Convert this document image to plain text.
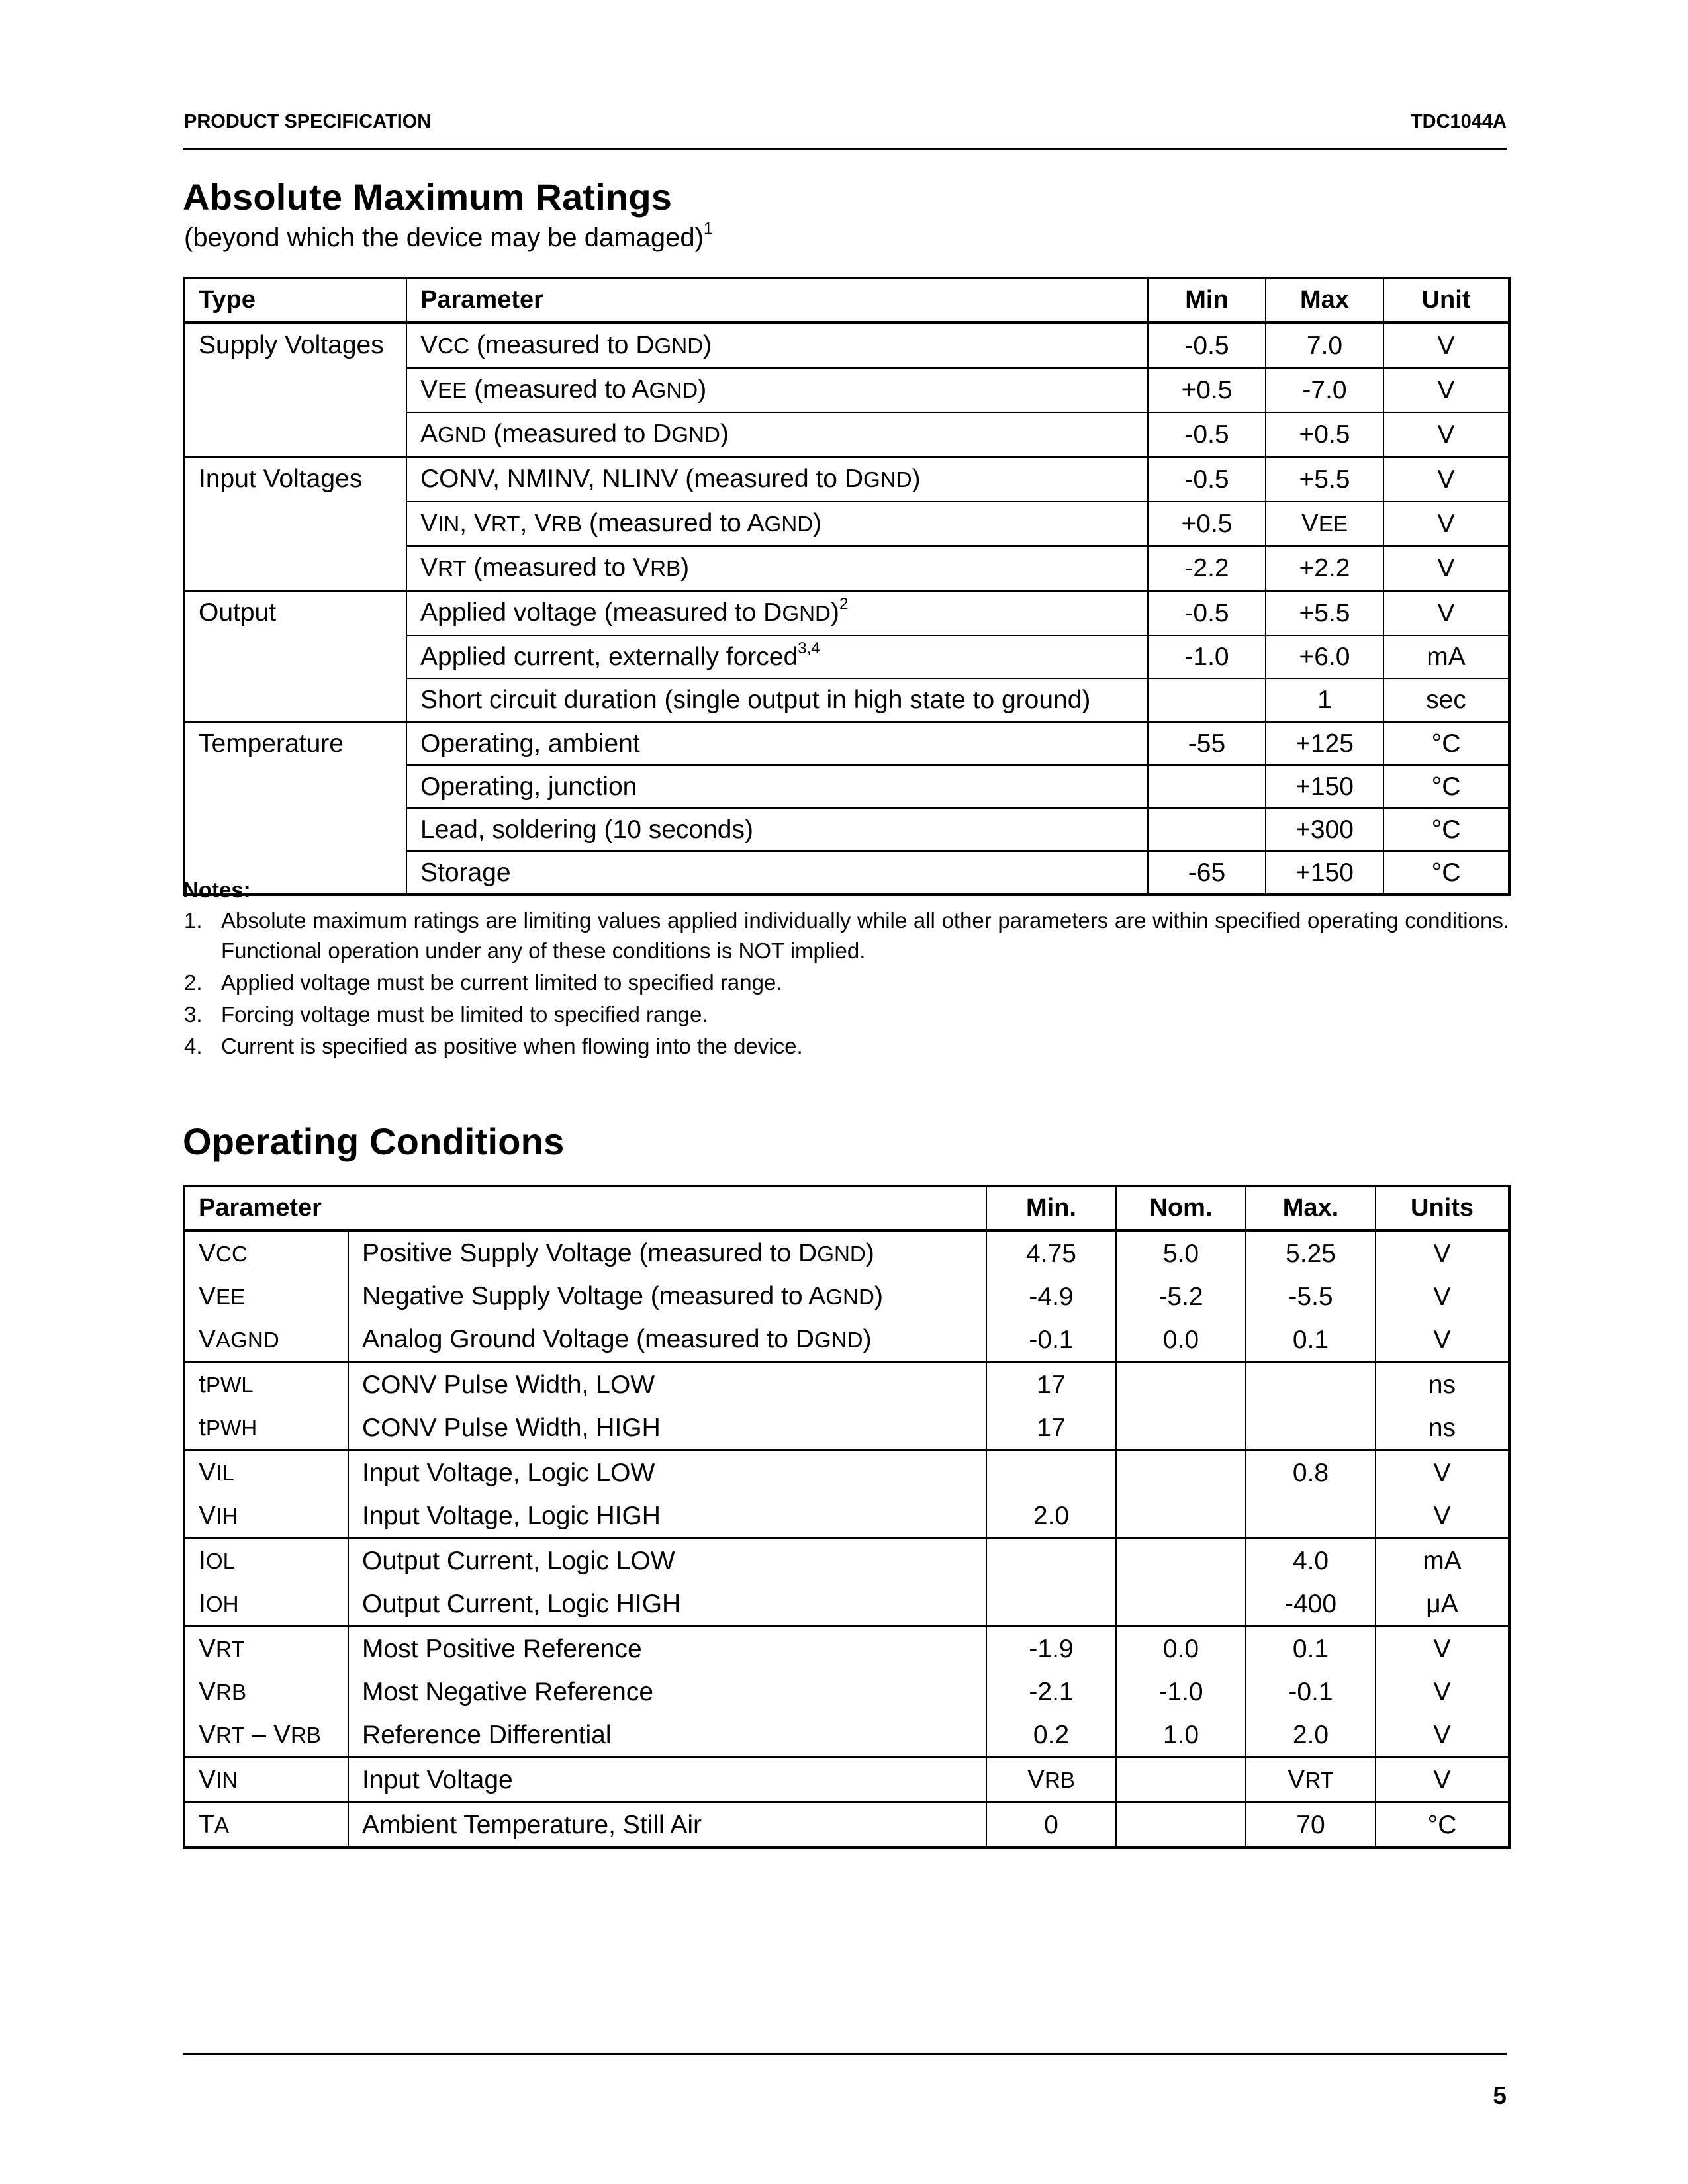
PRODUCT SPECIFICATION	TDC1044A
Absolute Maximum Ratings
(beyond which the device may be damaged)$^1$
Type	Parameter	Min	Max	Unit
Supply Voltages	VCC (measured to DGND)	-0.5	7.0	V
	VEE (measured to AGND)	+0.5	-7.0	V
	AGND (measured to DGND)	-0.5	+0.5	V
Input Voltages	CONV, NMINV, NLINV (measured to DGND)	-0.5	+5.5	V
	VIN, VRT, VRB (measured to AGND)	+0.5	VEE	V
	VRT (measured to VRB)	-2.2	+2.2	V
Output	Applied voltage (measured to DGND)$^2$	-0.5	+5.5	V
	Applied current, externally forced$^{3,4}$	-1.0	+6.0	mA
	Short circuit duration (single output in high state to ground)		1	sec
Temperature	Operating, ambient	-55	+125	°C
	Operating, junction		+150	°C
	Lead, soldering (10 seconds)		+300	°C
	Storage	-65	+150	°C
Notes:
1. Absolute maximum ratings are limiting values applied individually while all other parameters are within specified operating conditions. Functional operation under any of these conditions is NOT implied.
2. Applied voltage must be current limited to specified range.
3. Forcing voltage must be limited to specified range.
4. Current is specified as positive when flowing into the device.
Operating Conditions
Parameter		Min.	Nom.	Max.	Units
VCC	Positive Supply Voltage (measured to DGND)	4.75	5.0	5.25	V
VEE	Negative Supply Voltage (measured to AGND)	-4.9	-5.2	-5.5	V
VAGND	Analog Ground Voltage (measured to DGND)	-0.1	0.0	0.1	V
tPWL	CONV Pulse Width, LOW	17			ns
tPWH	CONV Pulse Width, HIGH	17			ns
VIL	Input Voltage, Logic LOW			0.8	V
VIH	Input Voltage, Logic HIGH	2.0			V
IOL	Output Current, Logic LOW			4.0	mA
IOH	Output Current, Logic HIGH			-400	μA
VRT	Most Positive Reference	-1.9	0.0	0.1	V
VRB	Most Negative Reference	-2.1	-1.0	-0.1	V
VRT – VRB	Reference Differential	0.2	1.0	2.0	V
VIN	Input Voltage	VRB		VRT	V
TA	Ambient Temperature, Still Air	0		70	°C
5
